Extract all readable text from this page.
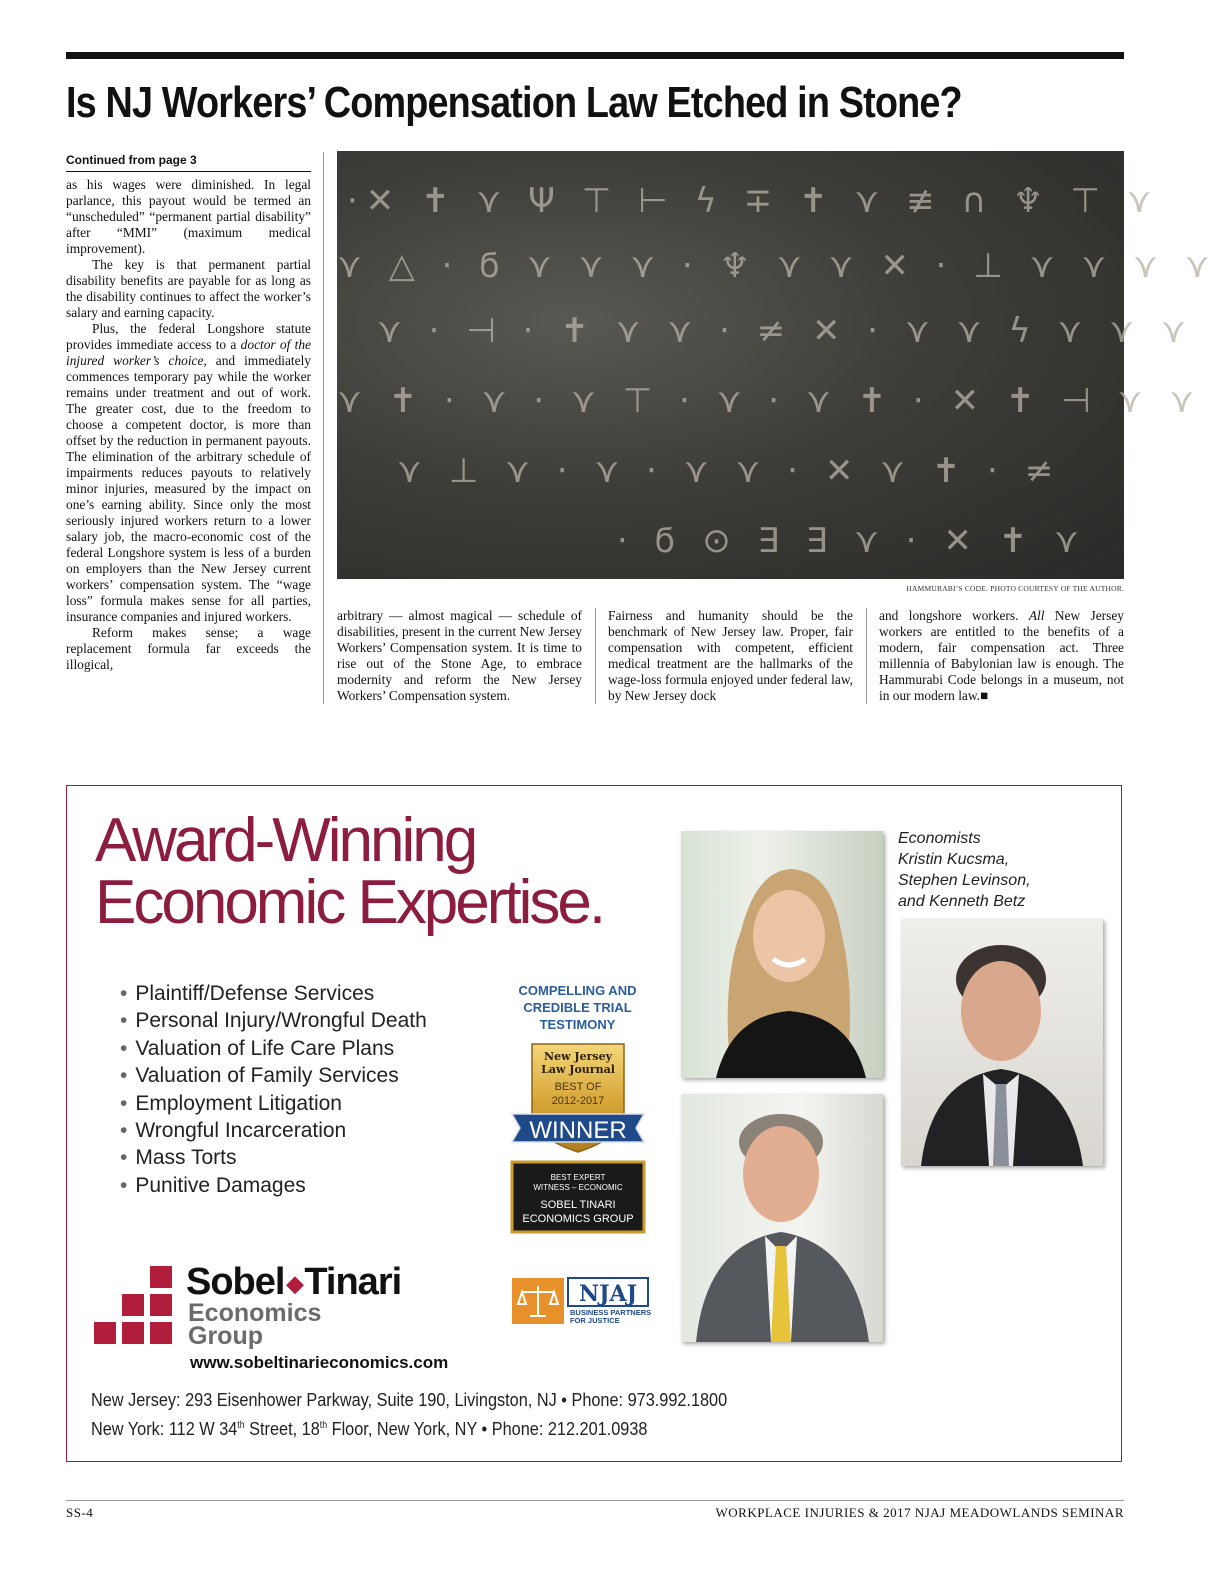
Is NJ Workers’ Compensation Law Etched in Stone?
Continued from page 3

as his wages were diminished. In legal parlance, this payout would be termed an “unscheduled” “permanent partial disability” after “MMI” (maximum medical improvement).

The key is that permanent partial disability benefits are payable for as long as the disability continues to affect the worker’s salary and earning capacity.

Plus, the federal Longshore statute provides immediate access to a doctor of the injured worker’s choice, and immediately commences temporary pay while the worker remains under treatment and out of work. The greater cost, due to the freedom to choose a competent doctor, is more than offset by the reduction in permanent payouts. The elimination of the arbitrary schedule of impairments reduces payouts to relatively minor injuries, measured by the impact on one’s earning ability. Since only the most seriously injured workers return to a lower salary job, the macro-economic cost of the federal Longshore system is less of a burden on employers than the New Jersey current workers’ compensation system. The “wage loss” formula makes sense for all parties, insurance companies and injured workers.

Reform makes sense; a wage replacement formula far exceeds the illogical,

·✕ ✝ ⋎ Ψ ⊤ ⊢ ϟ ∓ ✝ ⋎ ≢ ∩ ♆ ⊤ ⋎
⋎ △ ⋅ ϭ ⋎ ⋎ ⋎ ⋅ ♆ ⋎ ⋎ ✕ ⋅ ⊥ ⋎ ⋎ ⋎ ⋎
⋎ ⋅ ⊣ ⋅ ✝ ⋎ ⋎ ⋅ ≠ ✕ ⋅ ⋎ ⋎ ϟ ⋎ ⋎ ⋎
⋎ ✝ ⋅ ⋎ ⋅ ⋎ ⊤ ⋅ ⋎ ⋅ ⋎ ✝ ⋅ ✕ ✝ ⊣ ⋎ ⋎
⋎ ⊥ ⋎ ⋅ ⋎ ⋅ ⋎ ⋎ ⋅ ✕ ⋎ ✝ ⋅ ≠
⋅ ϭ ⊙ ∃ ∃ ⋎ ⋅ ✕ ✝ ⋎
HAMMURABI’S CODE. PHOTO COURTESY OF THE AUTHOR.

arbitrary — almost magical — schedule of disabilities, present in the current New Jersey Workers’ Compensation system. It is time to rise out of the Stone Age, to embrace modernity and reform the New Jersey Workers’ Compensation system.

Fairness and humanity should be the benchmark of New Jersey law. Proper, fair compensation with competent, efficient medical treatment are the hallmarks of the wage-loss formula enjoyed under federal law, by New Jersey dock

and longshore workers. All New Jersey workers are entitled to the benefits of a modern, fair compensation act. Three millennia of Babylonian law is enough. The Hammurabi Code belongs in a museum, not in our modern law.■

Award-Winning
Economic Expertise.
• Plaintiff/Defense Services
• Personal Injury/Wrongful Death
• Valuation of Life Care Plans
• Valuation of Family Services
• Employment Litigation
• Wrongful Incarceration
• Mass Torts
• Punitive Damages
COMPELLING AND CREDIBLE TRIAL TESTIMONY
New Jersey
Law Journal
BEST OF
2012-2017
WINNER
BEST EXPERT
WITNESS – ECONOMIC
SOBEL TINARI
ECONOMICS GROUP
Economists
Kristin Kucsma,
Stephen Levinson,
and Kenneth Betz
Sobel◆Tinari
Economics
Group
www.sobeltinarieconomics.com
NJAJ
BUSINESS PARTNERS
FOR JUSTICE
New Jersey: 293 Eisenhower Parkway, Suite 190, Livingston, NJ • Phone: 973.992.1800
New York: 112 W 34th Street, 18th Floor, New York, NY • Phone: 212.201.0938
SS-4	WORKPLACE INJURIES & 2017 NJAJ MEADOWLANDS SEMINAR
